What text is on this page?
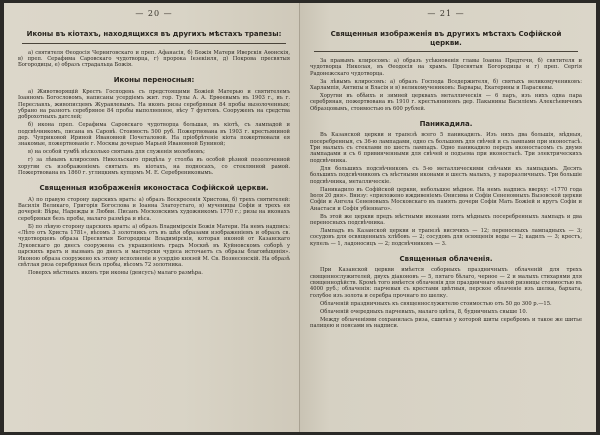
— 20 —
Иконы въ кіотахъ, находящихся въ другихъ мѣстахъ трапезы:

а) святителя Ѳеодосія Черниговскаго и преп. Афанасія, б) Божія Матери Иверскія Аѳонскія, в) преп. Серафима Саровскаго чудотворца, г) пророка Іезекіиля, д) Покрова пресвятыя Богородицы, е) образъ страдальца Божія.

Иконы переносныя:

а) Животворящій Крестъ Господень съ предстоящими Божіей Матерью и святителемъ Іоанномъ Богословомъ, написаны усердіемъ жит. гор. Тулы А. А. Ерѳеевымъ въ 1903 г., въ г. Переславль, живописцемъ Журавлевымъ. На иконъ ризы серебряныя 84 пробы вызолоченныя; убрано на разнотъ серебряное 84 пробы выполненное, вѣсу 7 фунтовъ. Сооруженъ на средства доброхотныхъ датслей;

б) икона преп. Серафима Саровскаго чудотворца большая, въ кіотѣ, съ лампадой и подсвѣчникомъ, писана въ Саровѣ. Стоимость 500 руб. Пожертвована въ 1903 г. крестьяниной дер. Чуприковой Ириной Ивановной Почеталовой. На пріобрѣтеніе кіота пожертвовали ея знакомые, пожертвованіе г. Москвы дочерью Марьей Ивановной Буниной;

в) на особой тумбѣ нѣсколько святынь для служенія молебновъ;

г) за лѣвымъ клиросомъ Никольскаго придѣла у столба въ особой рѣзной позолоченной хоругви съ изображеніемъ святыхъ въ кіотахъ, на подносахъ, со стеклянной рамой. Пожертвована въ 1860 г. углицкимъ купцомъ М. Е. Серебрениковымъ.

Священныя изображенія иконостаса Софійской церкви.

А) по правую сторону царскихъ вратъ: а) образъ Воскресенія Христова, б) трехъ святителей: Василія Великаго, Григорія Богослова и Іоанна Златоустаго, в) мученицы Софіи и трехъ ея дочерей: Вѣры, Надежды и Любви. Писанъ Московскимъ художникомъ 1770 г.; ризы на иконахъ серебряныя безъ пробы, малаго размѣра и вѣса.

Б) по лѣвую сторону царскихъ вратъ: а) образъ Владимірскія Божія Матери. На немъ надпись: «Лѣто отъ Христа 1781», вѣсомъ 3 золотникъ отъ въ шѣя образами изображеніемъ и образъ св. чудотворцевъ образа Пресвятыя Богородицы Владимірскія, которая иконой от Казанскаго Луковскаго до днесъ сооружена съ украшеніемъ градъ Москвѣ въ Куйновскомъ соборѣ у царскихъ вратъ и вызванъ до днесъ и мастерски чудеса источаетъ съ образы благовѣщенія». Иконою образа сооружено къ этому исполненіе и усердію князей М. Св. Вознесенскій. На образѣ свѣтлая риза серебряная безъ пробы, вѣсомъ 72 золотника.

Поверхъ мѣстныхъ иконъ три иконы (деисусъ) малаго размѣра.

— 21 —
Священныя изображенія въ другихъ мѣстахъ Софійской церкви.

За правымъ клиросомъ: а) образъ усѣкновенія главы Іоанна Предтечи, б) святителя и чудотворца Николая, въ Ѳеодосія на храмъ. Пресвятыя Богородицы и г) преп. Сергія Радонежскаго чудотворца.

За лѣвымъ клиросомъ: а) образъ Господа Вседержителя, б) святыхъ великомучениковъ: Харлампія, Антипы и Власія и в) великомучениковъ: Варвары, Екатерины и Параскевы.

Хоругви въ обѣихъ и зимней церквахъ металлическія — 6 паръ, изъ нихъ одна пара серебряная, пожертвована въ 1910 г. крестьяниномъ дер. Пакынины Василіемъ Алексѣевичемъ Образцовымъ, стоимостью въ 600 рублей.

Паникадила.

Въ Казанской церкви и трапезѣ всего 5 паникадилъ. Изъ нихъ два большія, мѣдныя, посеребренныя, съ 36-ю лампадами, одно съ большомъ для свѣчей и съ лампами при иконостасѣ. Три малыхъ съ стеклами по шесть лампадъ. Одно паникадило передъ иконостасомъ съ двумя лампадами и съ 6 привинченными для свѣчей и подъема при иконостасѣ. Три электрическихъ подсвѣчника.

Для большихъ подсвѣчниковъ съ 5-ю металлическими свѣчами къ лампадамъ. Десять большихъ подсвѣчниковъ съ мѣстными иконами и шесть малыхъ, у пароразличныхъ. Три большіе подсвѣчника, металлическіе.

Паникадило въ Софійской церкви, небольшое мѣдное. На немъ надпись вверху: «1770 года Іюля 20 дня». Внизу: «приложено иждивеніемъ Онисима и Софіи Сененовныхъ Вызовской церкви Софіи и Ангела Сененовыхъ Московскаго въ память дочери Софіи Мать Божіей и кругъ Софіи и Анастаси и Софія убіеннаго».

Въ этой же церкви предъ мѣстными иконами пять мѣдныхъ посеребренныхъ лампадъ и два переносныхъ подсвѣчника.

Лампадъ въ Казанской церкви и трапезѣ висячихъ — 12; переносныхъ лампадныхъ — 3; сосудовъ для освященныхъ хлѣбовъ — 2; сосудовъ для освященія воды — 2; кадилъ — 3; крестъ, купель — 1, ладоносицъ — 2; подсвѣчниковъ — 3.

Священныя облаченія.

При Казанской церкви имѣется соборныхъ праздничныхъ облаченій для трехъ священнослужителей, двухъ діаконовъ — 5, пятаго бѣлаго, черное — 2 и малыхъ стихарями для священнодѣйств. Кромѣ того имѣется облаченія для праздничнаго малой ризницы стоимостью въ 4000 руб.; облаченія: парчевыя съ крестами цвѣтныя, перское облаченіе изъ шелка, бархата, голубое изъ золота и серебра прочнаго по шелку.

Облаченій праздничныхъ къ священнослужителю стоимостью отъ 50 до 300 р.—15.

Облаченій очередныхъ парчевыхъ, малаго цвѣта, 8, будничныхъ свыше 10.

Между облаченіями сохранилась риза, сшитая у которой шиты серебромъ и такое же шитье палицею и поясами въ надписи.
